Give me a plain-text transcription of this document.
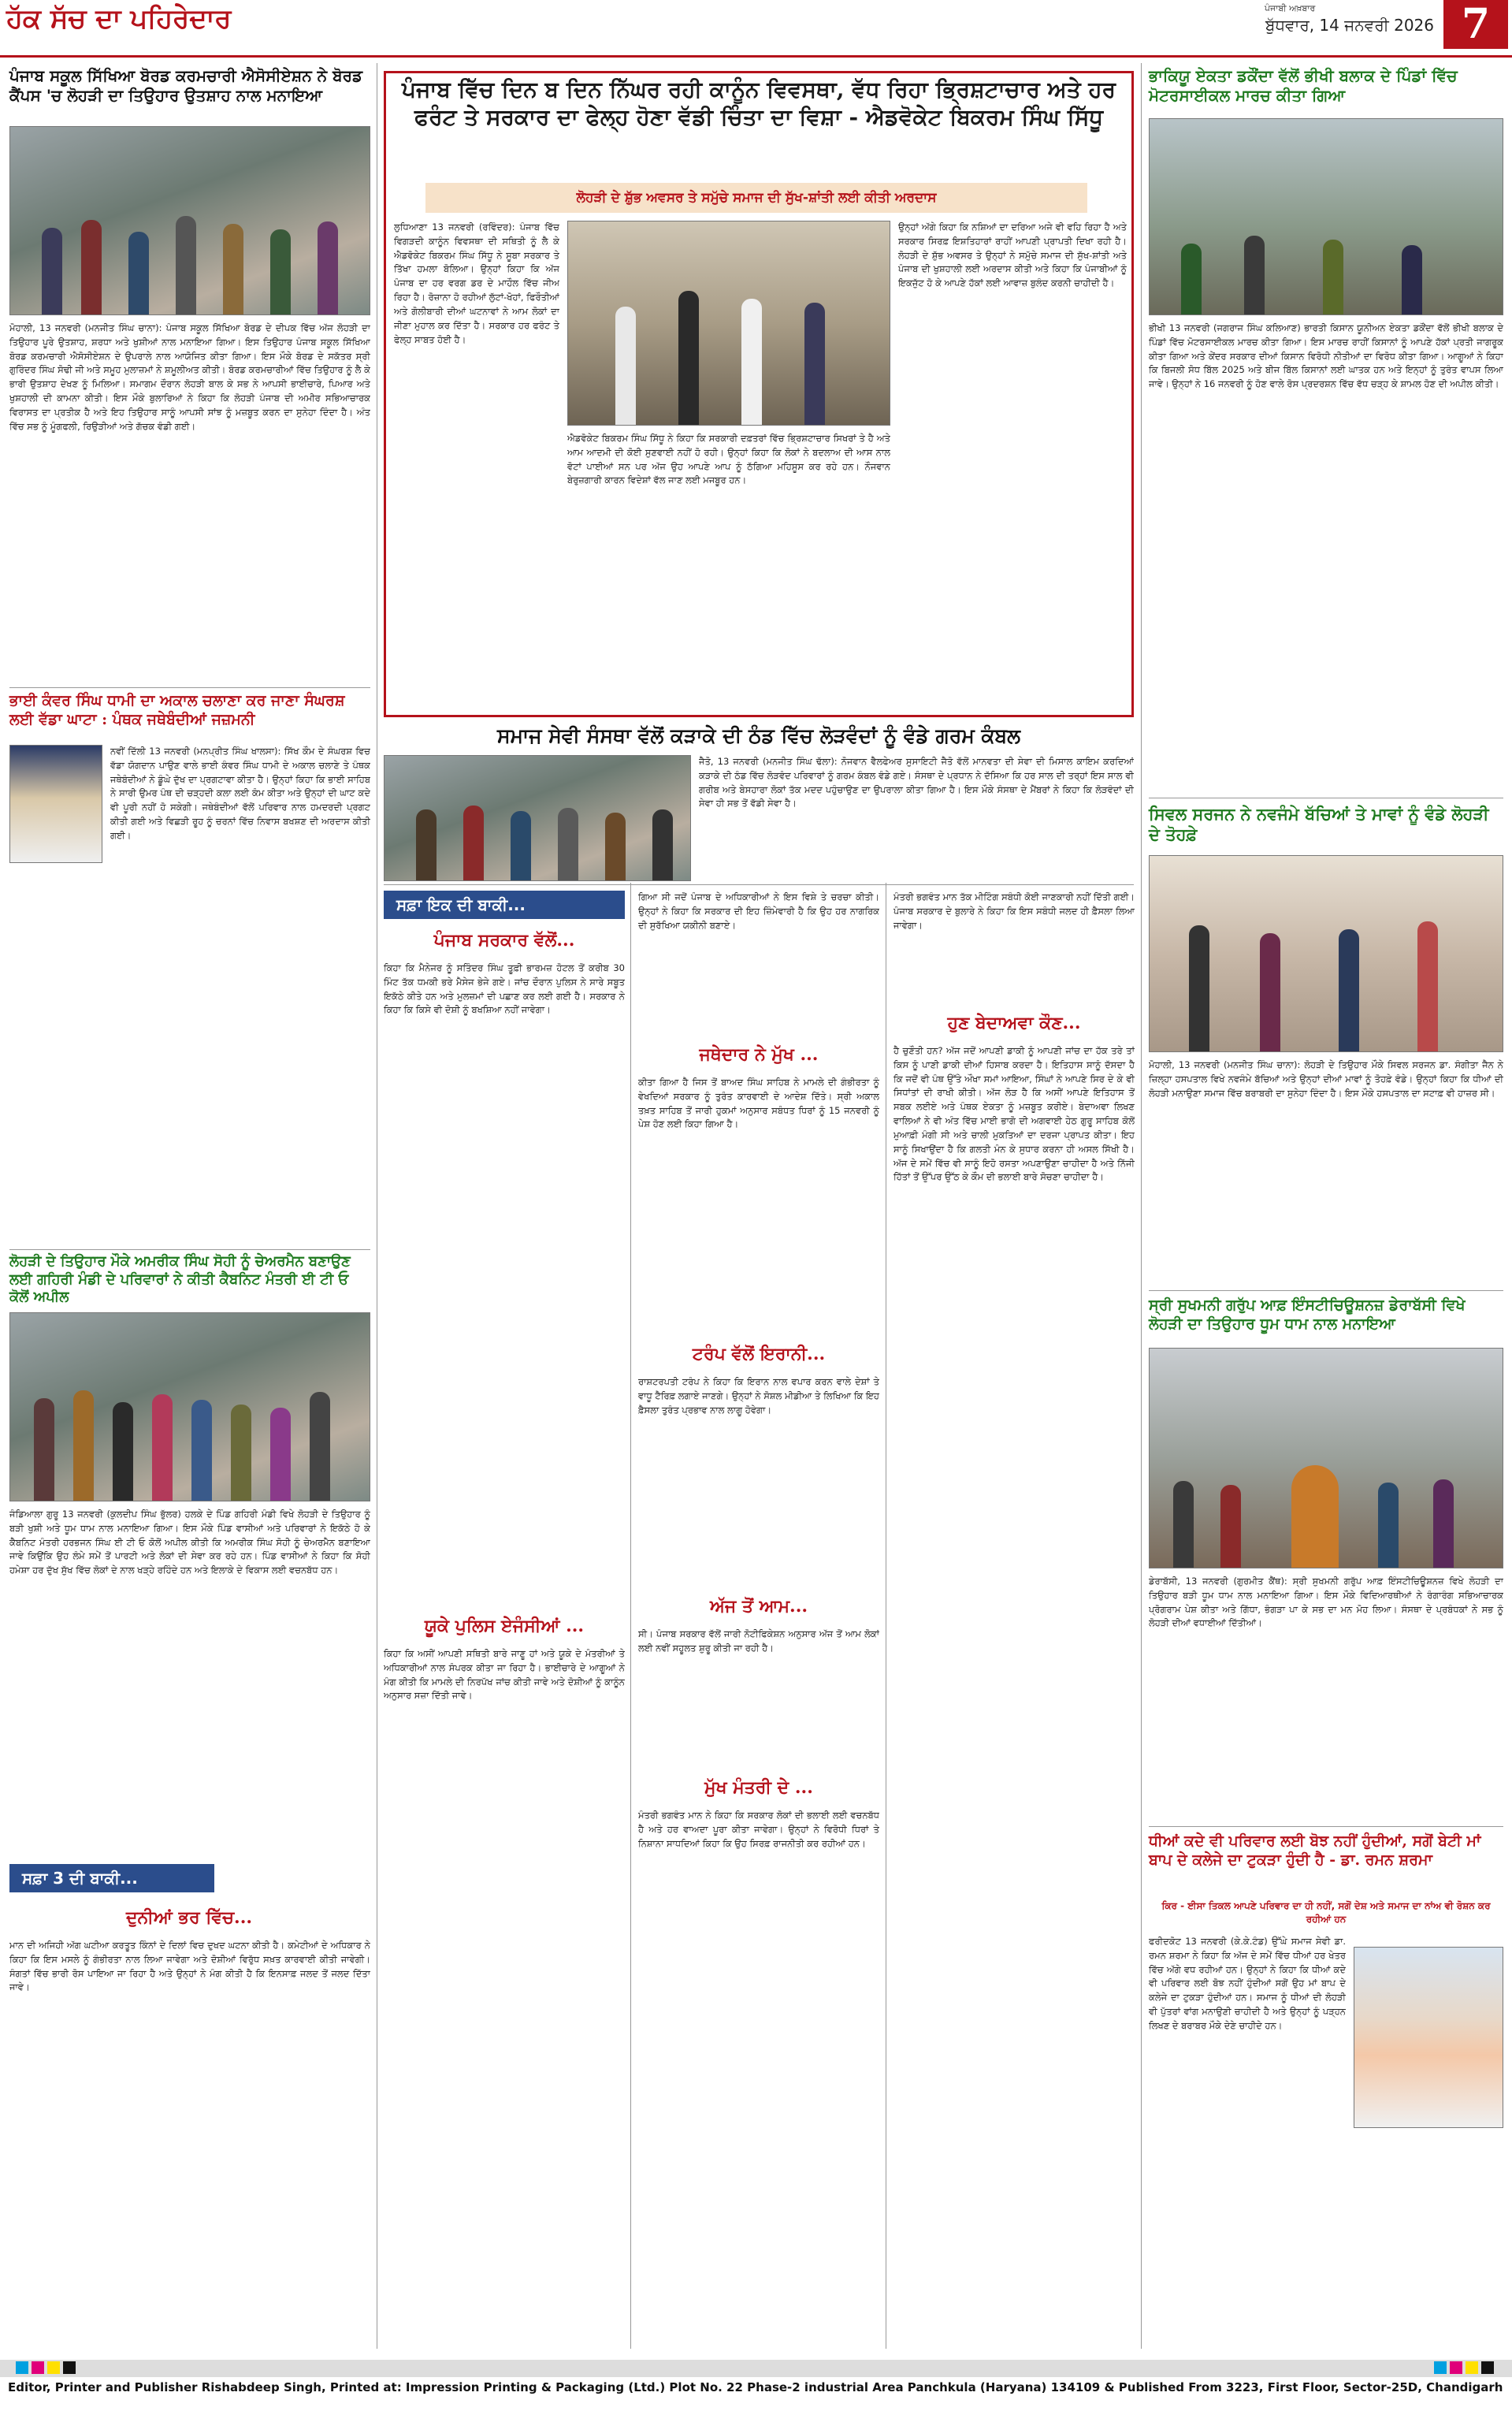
ਹੱਕ ਸੱਚ ਦਾ ਪਹਿਰੇਦਾਰ	ਪੰਜਾਬੀ ਅਖ਼ਬਾਰ
ਬੁੱਧਵਾਰ, 14 ਜਨਵਰੀ 2026 7
ਪੰਜਾਬ ਸਕੂਲ ਸਿੱਖਿਆ ਬੋਰਡ ਕਰਮਚਾਰੀ ਐਸੋਸੀਏਸ਼ਨ ਨੇ ਬੋਰਡ ਕੈਂਪਸ 'ਚ ਲੋਹੜੀ ਦਾ ਤਿਉਹਾਰ ਉਤਸ਼ਾਹ ਨਾਲ ਮਨਾਇਆ
ਮੋਹਾਲੀ, 13 ਜਨਵਰੀ (ਮਨਜੀਤ ਸਿੰਘ ਚਾਨਾ): ਪੰਜਾਬ ਸਕੂਲ ਸਿੱਖਿਆ ਬੋਰਡ ਦੇ ਦੀਪਕ ਵਿੱਚ ਅੱਜ ਲੋਹੜੀ ਦਾ ਤਿਉਹਾਰ ਪੂਰੇ ਉਤਸ਼ਾਹ, ਸ਼ਰਧਾ ਅਤੇ ਖੁਸ਼ੀਆਂ ਨਾਲ ਮਨਾਇਆ ਗਿਆ। ਇਸ ਤਿਉਹਾਰ ਪੰਜਾਬ ਸਕੂਲ ਸਿੱਖਿਆ ਬੋਰਡ ਕਰਮਚਾਰੀ ਐਸੋਸੀਏਸ਼ਨ ਦੇ ਉਪਰਾਲੇ ਨਾਲ ਆਯੋਜਿਤ ਕੀਤਾ ਗਿਆ। ਇਸ ਮੌਕੇ ਬੋਰਡ ਦੇ ਸਕੱਤਰ ਸ੍ਰੀ ਗੁਰਿੰਦਰ ਸਿੰਘ ਸੋਢੀ ਜੀ ਅਤੇ ਸਮੂਹ ਮੁਲਾਜ਼ਮਾਂ ਨੇ ਸ਼ਮੂਲੀਅਤ ਕੀਤੀ। ਬੋਰਡ ਕਰਮਚਾਰੀਆਂ ਵਿੱਚ ਤਿਉਹਾਰ ਨੂੰ ਲੈ ਕੇ ਭਾਰੀ ਉਤਸ਼ਾਹ ਦੇਖਣ ਨੂੰ ਮਿਲਿਆ। ਸਮਾਗਮ ਦੌਰਾਨ ਲੋਹੜੀ ਬਾਲ ਕੇ ਸਭ ਨੇ ਆਪਸੀ ਭਾਈਚਾਰੇ, ਪਿਆਰ ਅਤੇ ਖੁਸ਼ਹਾਲੀ ਦੀ ਕਾਮਨਾ ਕੀਤੀ। ਇਸ ਮੌਕੇ ਬੁਲਾਰਿਆਂ ਨੇ ਕਿਹਾ ਕਿ ਲੋਹੜੀ ਪੰਜਾਬ ਦੀ ਅਮੀਰ ਸਭਿਆਚਾਰਕ ਵਿਰਾਸਤ ਦਾ ਪ੍ਰਤੀਕ ਹੈ ਅਤੇ ਇਹ ਤਿਉਹਾਰ ਸਾਨੂੰ ਆਪਸੀ ਸਾਂਝ ਨੂੰ ਮਜ਼ਬੂਤ ਕਰਨ ਦਾ ਸੁਨੇਹਾ ਦਿੰਦਾ ਹੈ। ਅੰਤ ਵਿੱਚ ਸਭ ਨੂੰ ਮੂੰਗਫਲੀ, ਰਿਉੜੀਆਂ ਅਤੇ ਗੱਚਕ ਵੰਡੀ ਗਈ।
ਭਾਈ ਕੰਵਰ ਸਿੰਘ ਧਾਮੀ ਦਾ ਅਕਾਲ ਚਲਾਣਾ ਕਰ ਜਾਣਾ ਸੰਘਰਸ਼ ਲਈ ਵੱਡਾ ਘਾਟਾ : ਪੰਥਕ ਜਥੇਬੰਦੀਆਂ ਜਜ਼ਮਨੀ
ਨਵੀਂ ਦਿੱਲੀ 13 ਜਨਵਰੀ (ਮਨਪ੍ਰੀਤ ਸਿੰਘ ਖਾਲਸਾ): ਸਿੱਖ ਕੌਮ ਦੇ ਸੰਘਰਸ਼ ਵਿਚ ਵੱਡਾ ਯੋਗਦਾਨ ਪਾਉਣ ਵਾਲੇ ਭਾਈ ਕੰਵਰ ਸਿੰਘ ਧਾਮੀ ਦੇ ਅਕਾਲ ਚਲਾਣੇ ਤੇ ਪੰਥਕ ਜਥੇਬੰਦੀਆਂ ਨੇ ਡੂੰਘੇ ਦੁੱਖ ਦਾ ਪ੍ਰਗਟਾਵਾ ਕੀਤਾ ਹੈ। ਉਨ੍ਹਾਂ ਕਿਹਾ ਕਿ ਭਾਈ ਸਾਹਿਬ ਨੇ ਸਾਰੀ ਉਮਰ ਪੰਥ ਦੀ ਚੜ੍ਹਦੀ ਕਲਾ ਲਈ ਕੰਮ ਕੀਤਾ ਅਤੇ ਉਨ੍ਹਾਂ ਦੀ ਘਾਟ ਕਦੇ ਵੀ ਪੂਰੀ ਨਹੀਂ ਹੋ ਸਕੇਗੀ। ਜਥੇਬੰਦੀਆਂ ਵੱਲੋਂ ਪਰਿਵਾਰ ਨਾਲ ਹਮਦਰਦੀ ਪ੍ਰਗਟ ਕੀਤੀ ਗਈ ਅਤੇ ਵਿਛੜੀ ਰੂਹ ਨੂੰ ਚਰਨਾਂ ਵਿੱਚ ਨਿਵਾਸ ਬਖਸ਼ਣ ਦੀ ਅਰਦਾਸ ਕੀਤੀ ਗਈ।
ਲੋਹੜੀ ਦੇ ਤਿਉਹਾਰ ਮੌਕੇ ਅਮਰੀਕ ਸਿੰਘ ਸੋਹੀ ਨੂੰ ਚੇਅਰਮੈਨ ਬਣਾਉਣ ਲਈ ਗਹਿਰੀ ਮੰਡੀ ਦੇ ਪਰਿਵਾਰਾਂ ਨੇ ਕੀਤੀ ਕੈਬਨਿਟ ਮੰਤਰੀ ਈ ਟੀ ਓ ਕੋਲੋਂ ਅਪੀਲ
ਜੰਡਿਆਲਾ ਗੁਰੂ 13 ਜਨਵਰੀ (ਕੁਲਦੀਪ ਸਿੰਘ ਭੁੱਲਰ) ਹਲਕੇ ਦੇ ਪਿੰਡ ਗਹਿਰੀ ਮੰਡੀ ਵਿਖੇ ਲੋਹੜੀ ਦੇ ਤਿਉਹਾਰ ਨੂੰ ਬੜੀ ਖੁਸ਼ੀ ਅਤੇ ਧੂਮ ਧਾਮ ਨਾਲ ਮਨਾਇਆ ਗਿਆ। ਇਸ ਮੌਕੇ ਪਿੰਡ ਵਾਸੀਆਂ ਅਤੇ ਪਰਿਵਾਰਾਂ ਨੇ ਇਕੱਠੇ ਹੋ ਕੇ ਕੈਬਨਿਟ ਮੰਤਰੀ ਹਰਭਜਨ ਸਿੰਘ ਈ ਟੀ ਓ ਕੋਲੋਂ ਅਪੀਲ ਕੀਤੀ ਕਿ ਅਮਰੀਕ ਸਿੰਘ ਸੋਹੀ ਨੂੰ ਚੇਅਰਮੈਨ ਬਣਾਇਆ ਜਾਵੇ ਕਿਉਂਕਿ ਉਹ ਲੰਮੇ ਸਮੇਂ ਤੋਂ ਪਾਰਟੀ ਅਤੇ ਲੋਕਾਂ ਦੀ ਸੇਵਾ ਕਰ ਰਹੇ ਹਨ। ਪਿੰਡ ਵਾਸੀਆਂ ਨੇ ਕਿਹਾ ਕਿ ਸੋਹੀ ਹਮੇਸ਼ਾ ਹਰ ਦੁੱਖ ਸੁੱਖ ਵਿੱਚ ਲੋਕਾਂ ਦੇ ਨਾਲ ਖੜ੍ਹੇ ਰਹਿੰਦੇ ਹਨ ਅਤੇ ਇਲਾਕੇ ਦੇ ਵਿਕਾਸ ਲਈ ਵਚਨਬੱਧ ਹਨ।
ਸਫ਼ਾ 3 ਦੀ ਬਾਕੀ...
ਦੁਨੀਆਂ ਭਰ ਵਿੱਚ...
ਮਾਨ ਦੀ ਅਜਿਹੀ ਅੱਗ ਘਟੀਆ ਕਰਤੂਤ ਕਿੰਨਾਂ ਦੇ ਦਿਲਾਂ ਵਿਚ ਦੁਖਦ ਘਟਨਾ ਕੀਤੀ ਹੈ। ਕਮੇਟੀਆਂ ਦੇ ਅਧਿਕਾਰ ਨੇ ਕਿਹਾ ਕਿ ਇਸ ਮਸਲੇ ਨੂੰ ਗੰਭੀਰਤਾ ਨਾਲ ਲਿਆ ਜਾਵੇਗਾ ਅਤੇ ਦੋਸ਼ੀਆਂ ਵਿਰੁੱਧ ਸਖ਼ਤ ਕਾਰਵਾਈ ਕੀਤੀ ਜਾਵੇਗੀ। ਸੰਗਤਾਂ ਵਿੱਚ ਭਾਰੀ ਰੋਸ ਪਾਇਆ ਜਾ ਰਿਹਾ ਹੈ ਅਤੇ ਉਨ੍ਹਾਂ ਨੇ ਮੰਗ ਕੀਤੀ ਹੈ ਕਿ ਇਨਸਾਫ਼ ਜਲਦ ਤੋਂ ਜਲਦ ਦਿੱਤਾ ਜਾਵੇ।
ਪੰਜਾਬ ਵਿੱਚ ਦਿਨ ਬ ਦਿਨ ਨਿੱਘਰ ਰਹੀ ਕਾਨੂੰਨ ਵਿਵਸਥਾ, ਵੱਧ ਰਿਹਾ ਭ੍ਰਿਸ਼ਟਾਚਾਰ ਅਤੇ ਹਰ ਫਰੰਟ ਤੇ ਸਰਕਾਰ ਦਾ ਫੇਲ੍ਹ ਹੋਣਾ ਵੱਡੀ ਚਿੰਤਾ ਦਾ ਵਿਸ਼ਾ - ਐਡਵੋਕੇਟ ਬਿਕਰਮ ਸਿੰਘ ਸਿੱਧੂ
ਲੋਹੜੀ ਦੇ ਸ਼ੁੱਭ ਅਵਸਰ ਤੇ ਸਮੁੱਚੇ ਸਮਾਜ ਦੀ ਸੁੱਖ-ਸ਼ਾਂਤੀ ਲਈ ਕੀਤੀ ਅਰਦਾਸ
ਲੁਧਿਆਣਾ 13 ਜਨਵਰੀ (ਰਵਿੰਦਰ): ਪੰਜਾਬ ਵਿੱਚ ਵਿਗੜਦੀ ਕਾਨੂੰਨ ਵਿਵਸਥਾ ਦੀ ਸਥਿਤੀ ਨੂੰ ਲੈ ਕੇ ਐਡਵੋਕੇਟ ਬਿਕਰਮ ਸਿੰਘ ਸਿੱਧੂ ਨੇ ਸੂਬਾ ਸਰਕਾਰ ਤੇ ਤਿੱਖਾ ਹਮਲਾ ਬੋਲਿਆ। ਉਨ੍ਹਾਂ ਕਿਹਾ ਕਿ ਅੱਜ ਪੰਜਾਬ ਦਾ ਹਰ ਵਰਗ ਡਰ ਦੇ ਮਾਹੌਲ ਵਿੱਚ ਜੀਅ ਰਿਹਾ ਹੈ। ਰੋਜ਼ਾਨਾ ਹੋ ਰਹੀਆਂ ਲੁੱਟਾਂ-ਖੋਹਾਂ, ਫਿਰੌਤੀਆਂ ਅਤੇ ਗੋਲੀਬਾਰੀ ਦੀਆਂ ਘਟਨਾਵਾਂ ਨੇ ਆਮ ਲੋਕਾਂ ਦਾ ਜੀਣਾ ਮੁਹਾਲ ਕਰ ਦਿੱਤਾ ਹੈ। ਸਰਕਾਰ ਹਰ ਫਰੰਟ ਤੇ ਫੇਲ੍ਹ ਸਾਬਤ ਹੋਈ ਹੈ।
ਐਡਵੋਕੇਟ ਬਿਕਰਮ ਸਿੰਘ ਸਿੱਧੂ ਨੇ ਕਿਹਾ ਕਿ ਸਰਕਾਰੀ ਦਫ਼ਤਰਾਂ ਵਿੱਚ ਭ੍ਰਿਸ਼ਟਾਚਾਰ ਸਿਖਰਾਂ ਤੇ ਹੈ ਅਤੇ ਆਮ ਆਦਮੀ ਦੀ ਕੋਈ ਸੁਣਵਾਈ ਨਹੀਂ ਹੋ ਰਹੀ। ਉਨ੍ਹਾਂ ਕਿਹਾ ਕਿ ਲੋਕਾਂ ਨੇ ਬਦਲਾਅ ਦੀ ਆਸ ਨਾਲ ਵੋਟਾਂ ਪਾਈਆਂ ਸਨ ਪਰ ਅੱਜ ਉਹ ਆਪਣੇ ਆਪ ਨੂੰ ਠੱਗਿਆ ਮਹਿਸੂਸ ਕਰ ਰਹੇ ਹਨ। ਨੌਜਵਾਨ ਬੇਰੁਜ਼ਗਾਰੀ ਕਾਰਨ ਵਿਦੇਸ਼ਾਂ ਵੱਲ ਜਾਣ ਲਈ ਮਜਬੂਰ ਹਨ।
ਉਨ੍ਹਾਂ ਅੱਗੇ ਕਿਹਾ ਕਿ ਨਸ਼ਿਆਂ ਦਾ ਦਰਿਆ ਅਜੇ ਵੀ ਵਹਿ ਰਿਹਾ ਹੈ ਅਤੇ ਸਰਕਾਰ ਸਿਰਫ਼ ਇਸ਼ਤਿਹਾਰਾਂ ਰਾਹੀਂ ਆਪਣੀ ਪ੍ਰਾਪਤੀ ਦਿਖਾ ਰਹੀ ਹੈ। ਲੋਹੜੀ ਦੇ ਸ਼ੁੱਭ ਅਵਸਰ ਤੇ ਉਨ੍ਹਾਂ ਨੇ ਸਮੁੱਚੇ ਸਮਾਜ ਦੀ ਸੁੱਖ-ਸ਼ਾਂਤੀ ਅਤੇ ਪੰਜਾਬ ਦੀ ਖੁਸ਼ਹਾਲੀ ਲਈ ਅਰਦਾਸ ਕੀਤੀ ਅਤੇ ਕਿਹਾ ਕਿ ਪੰਜਾਬੀਆਂ ਨੂੰ ਇਕਜੁੱਟ ਹੋ ਕੇ ਆਪਣੇ ਹੱਕਾਂ ਲਈ ਆਵਾਜ਼ ਬੁਲੰਦ ਕਰਨੀ ਚਾਹੀਦੀ ਹੈ।
ਸਮਾਜ ਸੇਵੀ ਸੰਸਥਾ ਵੱਲੋਂ ਕੜਾਕੇ ਦੀ ਠੰਡ ਵਿੱਚ ਲੋੜਵੰਦਾਂ ਨੂੰ ਵੰਡੇ ਗਰਮ ਕੰਬਲ
ਜੈਤੋ, 13 ਜਨਵਰੀ (ਮਨਜੀਤ ਸਿੰਘ ਢੱਲਾ): ਨੋਜਵਾਨ ਵੈਲਫੇਅਰ ਸੁਸਾਇਟੀ ਜੈਤੋ ਵੱਲੋਂ ਮਾਨਵਤਾ ਦੀ ਸੇਵਾ ਦੀ ਮਿਸਾਲ ਕਾਇਮ ਕਰਦਿਆਂ ਕੜਾਕੇ ਦੀ ਠੰਡ ਵਿੱਚ ਲੋੜਵੰਦ ਪਰਿਵਾਰਾਂ ਨੂੰ ਗਰਮ ਕੰਬਲ ਵੰਡੇ ਗਏ। ਸੰਸਥਾ ਦੇ ਪ੍ਰਧਾਨ ਨੇ ਦੱਸਿਆ ਕਿ ਹਰ ਸਾਲ ਦੀ ਤਰ੍ਹਾਂ ਇਸ ਸਾਲ ਵੀ ਗਰੀਬ ਅਤੇ ਬੇਸਹਾਰਾ ਲੋਕਾਂ ਤੱਕ ਮਦਦ ਪਹੁੰਚਾਉਣ ਦਾ ਉਪਰਾਲਾ ਕੀਤਾ ਗਿਆ ਹੈ। ਇਸ ਮੌਕੇ ਸੰਸਥਾ ਦੇ ਮੈਂਬਰਾਂ ਨੇ ਕਿਹਾ ਕਿ ਲੋੜਵੰਦਾਂ ਦੀ ਸੇਵਾ ਹੀ ਸਭ ਤੋਂ ਵੱਡੀ ਸੇਵਾ ਹੈ।
ਸਫ਼ਾ ਇਕ ਦੀ ਬਾਕੀ...
ਪੰਜਾਬ ਸਰਕਾਰ ਵੱਲੋਂ...
ਕਿਹਾ ਕਿ ਮੈਨੇਜਰ ਨੂੰ ਸਤਿੰਦਰ ਸਿੰਘ ਤੂਫ਼ੀ ਭਾਰਮਜ਼ ਹੋਟਲ ਤੋਂ ਕਰੀਬ 30 ਮਿੰਟ ਤੱਕ ਧਮਕੀ ਭਰੇ ਮੈਸੇਜ ਭੇਜੇ ਗਏ। ਜਾਂਚ ਦੌਰਾਨ ਪੁਲਿਸ ਨੇ ਸਾਰੇ ਸਬੂਤ ਇਕੱਠੇ ਕੀਤੇ ਹਨ ਅਤੇ ਮੁਲਜ਼ਮਾਂ ਦੀ ਪਛਾਣ ਕਰ ਲਈ ਗਈ ਹੈ। ਸਰਕਾਰ ਨੇ ਕਿਹਾ ਕਿ ਕਿਸੇ ਵੀ ਦੋਸ਼ੀ ਨੂੰ ਬਖਸ਼ਿਆ ਨਹੀਂ ਜਾਵੇਗਾ।
ਯੂਕੇ ਪੁਲਿਸ ਏਜੰਸੀਆਂ ...
ਕਿਹਾ ਕਿ ਅਸੀਂ ਆਪਣੀ ਸਥਿਤੀ ਬਾਰੇ ਜਾਣੂ ਹਾਂ ਅਤੇ ਯੂਕੇ ਦੇ ਮੰਤਰੀਆਂ ਤੇ ਅਧਿਕਾਰੀਆਂ ਨਾਲ ਸੰਪਰਕ ਕੀਤਾ ਜਾ ਰਿਹਾ ਹੈ। ਭਾਈਚਾਰੇ ਦੇ ਆਗੂਆਂ ਨੇ ਮੰਗ ਕੀਤੀ ਕਿ ਮਾਮਲੇ ਦੀ ਨਿਰਪੱਖ ਜਾਂਚ ਕੀਤੀ ਜਾਵੇ ਅਤੇ ਦੋਸ਼ੀਆਂ ਨੂੰ ਕਾਨੂੰਨ ਅਨੁਸਾਰ ਸਜ਼ਾ ਦਿੱਤੀ ਜਾਵੇ।
ਗਿਆ ਸੀ ਜਦੋਂ ਪੰਜਾਬ ਦੇ ਅਧਿਕਾਰੀਆਂ ਨੇ ਇਸ ਵਿਸ਼ੇ ਤੇ ਚਰਚਾ ਕੀਤੀ। ਉਨ੍ਹਾਂ ਨੇ ਕਿਹਾ ਕਿ ਸਰਕਾਰ ਦੀ ਇਹ ਜ਼ਿੰਮੇਵਾਰੀ ਹੈ ਕਿ ਉਹ ਹਰ ਨਾਗਰਿਕ ਦੀ ਸੁਰੱਖਿਆ ਯਕੀਨੀ ਬਣਾਏ।
ਜਥੇਦਾਰ ਨੇ ਮੁੱਖ ...
ਕੀਤਾ ਗਿਆ ਹੈ ਜਿਸ ਤੋਂ ਬਾਅਦ ਸਿੰਘ ਸਾਹਿਬ ਨੇ ਮਾਮਲੇ ਦੀ ਗੰਭੀਰਤਾ ਨੂੰ ਵੇਖਦਿਆਂ ਸਰਕਾਰ ਨੂੰ ਤੁਰੰਤ ਕਾਰਵਾਈ ਦੇ ਆਦੇਸ਼ ਦਿੱਤੇ। ਸ੍ਰੀ ਅਕਾਲ ਤਖ਼ਤ ਸਾਹਿਬ ਤੋਂ ਜਾਰੀ ਹੁਕਮਾਂ ਅਨੁਸਾਰ ਸਬੰਧਤ ਧਿਰਾਂ ਨੂੰ 15 ਜਨਵਰੀ ਨੂੰ ਪੇਸ਼ ਹੋਣ ਲਈ ਕਿਹਾ ਗਿਆ ਹੈ।
ਟਰੰਪ ਵੱਲੋਂ ਇਰਾਨੀ...
ਰਾਸ਼ਟਰਪਤੀ ਟਰੰਪ ਨੇ ਕਿਹਾ ਕਿ ਇਰਾਨ ਨਾਲ ਵਪਾਰ ਕਰਨ ਵਾਲੇ ਦੇਸ਼ਾਂ ਤੇ ਵਾਧੂ ਟੈਰਿਫ਼ ਲਗਾਏ ਜਾਣਗੇ। ਉਨ੍ਹਾਂ ਨੇ ਸੋਸ਼ਲ ਮੀਡੀਆ ਤੇ ਲਿਖਿਆ ਕਿ ਇਹ ਫ਼ੈਸਲਾ ਤੁਰੰਤ ਪ੍ਰਭਾਵ ਨਾਲ ਲਾਗੂ ਹੋਵੇਗਾ।
ਅੱਜ ਤੋਂ ਆਮ...
ਸੀ। ਪੰਜਾਬ ਸਰਕਾਰ ਵੱਲੋਂ ਜਾਰੀ ਨੋਟੀਫਿਕੇਸ਼ਨ ਅਨੁਸਾਰ ਅੱਜ ਤੋਂ ਆਮ ਲੋਕਾਂ ਲਈ ਨਵੀਂ ਸਹੂਲਤ ਸ਼ੁਰੂ ਕੀਤੀ ਜਾ ਰਹੀ ਹੈ।
ਮੁੱਖ ਮੰਤਰੀ ਦੇ ...
ਮੰਤਰੀ ਭਗਵੰਤ ਮਾਨ ਨੇ ਕਿਹਾ ਕਿ ਸਰਕਾਰ ਲੋਕਾਂ ਦੀ ਭਲਾਈ ਲਈ ਵਚਨਬੱਧ ਹੈ ਅਤੇ ਹਰ ਵਾਅਦਾ ਪੂਰਾ ਕੀਤਾ ਜਾਵੇਗਾ। ਉਨ੍ਹਾਂ ਨੇ ਵਿਰੋਧੀ ਧਿਰਾਂ ਤੇ ਨਿਸ਼ਾਨਾ ਸਾਧਦਿਆਂ ਕਿਹਾ ਕਿ ਉਹ ਸਿਰਫ਼ ਰਾਜਨੀਤੀ ਕਰ ਰਹੀਆਂ ਹਨ।
ਮੰਤਰੀ ਭਗਵੰਤ ਮਾਨ ਤੱਕ ਮੀਟਿੰਗ ਸਬੰਧੀ ਕੋਈ ਜਾਣਕਾਰੀ ਨਹੀਂ ਦਿੱਤੀ ਗਈ। ਪੰਜਾਬ ਸਰਕਾਰ ਦੇ ਬੁਲਾਰੇ ਨੇ ਕਿਹਾ ਕਿ ਇਸ ਸਬੰਧੀ ਜਲਦ ਹੀ ਫ਼ੈਸਲਾ ਲਿਆ ਜਾਵੇਗਾ।
ਹੁਣ ਬੇਦਾਅਵਾ ਕੌਣ...
ਹੈ ਚੁਣੌਤੀ ਹਨ? ਅੱਜ ਜਦੋਂ ਆਪਣੀ ਡਾਕੀ ਨੂੰ ਆਪਣੀ ਜਾਂਚ ਦਾ ਹੱਕ ਤਰੇ ਤਾਂ ਕਿਸ ਨੂੰ ਪਾਣੀ ਡਾਕੀ ਦੀਆਂ ਹਿਸਾਬ ਕਰਦਾ ਹੈ। ਇਤਿਹਾਸ ਸਾਨੂੰ ਦੱਸਦਾ ਹੈ ਕਿ ਜਦੋਂ ਵੀ ਪੰਥ ਉੱਤੇ ਔਖਾ ਸਮਾਂ ਆਇਆ, ਸਿੰਘਾਂ ਨੇ ਆਪਣੇ ਸਿਰ ਦੇ ਕੇ ਵੀ ਸਿਧਾਂਤਾਂ ਦੀ ਰਾਖੀ ਕੀਤੀ। ਅੱਜ ਲੋੜ ਹੈ ਕਿ ਅਸੀਂ ਆਪਣੇ ਇਤਿਹਾਸ ਤੋਂ ਸਬਕ ਲਈਏ ਅਤੇ ਪੰਥਕ ਏਕਤਾ ਨੂੰ ਮਜ਼ਬੂਤ ਕਰੀਏ। ਬੇਦਾਅਵਾ ਲਿਖਣ ਵਾਲਿਆਂ ਨੇ ਵੀ ਅੰਤ ਵਿੱਚ ਮਾਈ ਭਾਗੋ ਦੀ ਅਗਵਾਈ ਹੇਠ ਗੁਰੂ ਸਾਹਿਬ ਕੋਲੋਂ ਮੁਆਫ਼ੀ ਮੰਗੀ ਸੀ ਅਤੇ ਚਾਲੀ ਮੁਕਤਿਆਂ ਦਾ ਦਰਜਾ ਪ੍ਰਾਪਤ ਕੀਤਾ। ਇਹ ਸਾਨੂੰ ਸਿਖਾਉਂਦਾ ਹੈ ਕਿ ਗਲਤੀ ਮੰਨ ਕੇ ਸੁਧਾਰ ਕਰਨਾ ਹੀ ਅਸਲ ਸਿੱਖੀ ਹੈ। ਅੱਜ ਦੇ ਸਮੇਂ ਵਿੱਚ ਵੀ ਸਾਨੂੰ ਇਹੋ ਰਸਤਾ ਅਪਣਾਉਣਾ ਚਾਹੀਦਾ ਹੈ ਅਤੇ ਨਿੱਜੀ ਹਿੱਤਾਂ ਤੋਂ ਉੱਪਰ ਉੱਠ ਕੇ ਕੌਮ ਦੀ ਭਲਾਈ ਬਾਰੇ ਸੋਚਣਾ ਚਾਹੀਦਾ ਹੈ।
ਭਾਕਿਯੂ ਏਕਤਾ ਡਕੌਂਦਾ ਵੱਲੋਂ ਭੀਖੀ ਬਲਾਕ ਦੇ ਪਿੰਡਾਂ ਵਿੱਚ ਮੋਟਰਸਾਈਕਲ ਮਾਰਚ ਕੀਤਾ ਗਿਆ
ਭੀਖੀ 13 ਜਨਵਰੀ (ਜਗਰਾਜ ਸਿੰਘ ਕਲਿਆਣ) ਭਾਰਤੀ ਕਿਸਾਨ ਯੂਨੀਅਨ ਏਕਤਾ ਡਕੌਂਦਾ ਵੱਲੋਂ ਭੀਖੀ ਬਲਾਕ ਦੇ ਪਿੰਡਾਂ ਵਿੱਚ ਮੋਟਰਸਾਈਕਲ ਮਾਰਚ ਕੀਤਾ ਗਿਆ। ਇਸ ਮਾਰਚ ਰਾਹੀਂ ਕਿਸਾਨਾਂ ਨੂੰ ਆਪਣੇ ਹੱਕਾਂ ਪ੍ਰਤੀ ਜਾਗਰੂਕ ਕੀਤਾ ਗਿਆ ਅਤੇ ਕੇਂਦਰ ਸਰਕਾਰ ਦੀਆਂ ਕਿਸਾਨ ਵਿਰੋਧੀ ਨੀਤੀਆਂ ਦਾ ਵਿਰੋਧ ਕੀਤਾ ਗਿਆ। ਆਗੂਆਂ ਨੇ ਕਿਹਾ ਕਿ ਬਿਜਲੀ ਸੋਧ ਬਿੱਲ 2025 ਅਤੇ ਬੀਜ ਬਿੱਲ ਕਿਸਾਨਾਂ ਲਈ ਘਾਤਕ ਹਨ ਅਤੇ ਇਨ੍ਹਾਂ ਨੂੰ ਤੁਰੰਤ ਵਾਪਸ ਲਿਆ ਜਾਵੇ। ਉਨ੍ਹਾਂ ਨੇ 16 ਜਨਵਰੀ ਨੂੰ ਹੋਣ ਵਾਲੇ ਰੋਸ ਪ੍ਰਦਰਸ਼ਨ ਵਿੱਚ ਵੱਧ ਚੜ੍ਹ ਕੇ ਸ਼ਾਮਲ ਹੋਣ ਦੀ ਅਪੀਲ ਕੀਤੀ।
ਸਿਵਲ ਸਰਜਨ ਨੇ ਨਵਜੰਮੇ ਬੱਚਿਆਂ ਤੇ ਮਾਵਾਂ ਨੂੰ ਵੰਡੇ ਲੋਹੜੀ ਦੇ ਤੋਹਫ਼ੇ
ਮੋਹਾਲੀ, 13 ਜਨਵਰੀ (ਮਨਜੀਤ ਸਿੰਘ ਚਾਨਾ): ਲੋਹੜੀ ਦੇ ਤਿਉਹਾਰ ਮੌਕੇ ਸਿਵਲ ਸਰਜਨ ਡਾ. ਸੰਗੀਤਾ ਜੈਨ ਨੇ ਜ਼ਿਲ੍ਹਾ ਹਸਪਤਾਲ ਵਿਖੇ ਨਵਜੰਮੇ ਬੱਚਿਆਂ ਅਤੇ ਉਨ੍ਹਾਂ ਦੀਆਂ ਮਾਵਾਂ ਨੂੰ ਤੋਹਫ਼ੇ ਵੰਡੇ। ਉਨ੍ਹਾਂ ਕਿਹਾ ਕਿ ਧੀਆਂ ਦੀ ਲੋਹੜੀ ਮਨਾਉਣਾ ਸਮਾਜ ਵਿੱਚ ਬਰਾਬਰੀ ਦਾ ਸੁਨੇਹਾ ਦਿੰਦਾ ਹੈ। ਇਸ ਮੌਕੇ ਹਸਪਤਾਲ ਦਾ ਸਟਾਫ਼ ਵੀ ਹਾਜ਼ਰ ਸੀ।
ਸ੍ਰੀ ਸੁਖਮਨੀ ਗਰੁੱਪ ਆਫ਼ ਇੰਸਟੀਚਿਊਸ਼ਨਜ਼ ਡੇਰਾਬੱਸੀ ਵਿਖੇ ਲੋਹੜੀ ਦਾ ਤਿਉਹਾਰ ਧੂਮ ਧਾਮ ਨਾਲ ਮਨਾਇਆ
ਡੇਰਾਬੱਸੀ, 13 ਜਨਵਰੀ (ਗੁਰਮੀਤ ਕੈਂਥ): ਸ੍ਰੀ ਸੁਖਮਨੀ ਗਰੁੱਪ ਆਫ਼ ਇੰਸਟੀਚਿਊਸ਼ਨਜ਼ ਵਿਖੇ ਲੋਹੜੀ ਦਾ ਤਿਉਹਾਰ ਬੜੀ ਧੂਮ ਧਾਮ ਨਾਲ ਮਨਾਇਆ ਗਿਆ। ਇਸ ਮੌਕੇ ਵਿਦਿਆਰਥੀਆਂ ਨੇ ਰੰਗਾਰੰਗ ਸਭਿਆਚਾਰਕ ਪ੍ਰੋਗਰਾਮ ਪੇਸ਼ ਕੀਤਾ ਅਤੇ ਗਿੱਧਾ, ਭੰਗੜਾ ਪਾ ਕੇ ਸਭ ਦਾ ਮਨ ਮੋਹ ਲਿਆ। ਸੰਸਥਾ ਦੇ ਪ੍ਰਬੰਧਕਾਂ ਨੇ ਸਭ ਨੂੰ ਲੋਹੜੀ ਦੀਆਂ ਵਧਾਈਆਂ ਦਿੱਤੀਆਂ।
ਧੀਆਂ ਕਦੇ ਵੀ ਪਰਿਵਾਰ ਲਈ ਬੋਝ ਨਹੀਂ ਹੁੰਦੀਆਂ, ਸਗੋਂ ਬੇਟੀ ਮਾਂ ਬਾਪ ਦੇ ਕਲੇਜੇ ਦਾ ਟੁਕੜਾ ਹੁੰਦੀ ਹੈ - ਡਾ. ਰਮਨ ਸ਼ਰਮਾ
ਕਿਰ - ਈਸਾ ਤਿਕਲ ਆਪਣੇ ਪਰਿਵਾਰ ਦਾ ਹੀ ਨਹੀਂ, ਸਗੋਂ ਦੇਸ਼ ਅਤੇ ਸਮਾਜ ਦਾ ਨਾਂਅ ਵੀ ਰੋਸ਼ਨ ਕਰ ਰਹੀਆਂ ਹਨ
ਫਰੀਦਕੋਟ 13 ਜਨਵਰੀ (ਕੇ.ਕੇ.ਟੰਡ) ਉੱਘੇ ਸਮਾਜ ਸੇਵੀ ਡਾ. ਰਮਨ ਸ਼ਰਮਾ ਨੇ ਕਿਹਾ ਕਿ ਅੱਜ ਦੇ ਸਮੇਂ ਵਿੱਚ ਧੀਆਂ ਹਰ ਖੇਤਰ ਵਿੱਚ ਅੱਗੇ ਵਧ ਰਹੀਆਂ ਹਨ। ਉਨ੍ਹਾਂ ਨੇ ਕਿਹਾ ਕਿ ਧੀਆਂ ਕਦੇ ਵੀ ਪਰਿਵਾਰ ਲਈ ਬੋਝ ਨਹੀਂ ਹੁੰਦੀਆਂ ਸਗੋਂ ਉਹ ਮਾਂ ਬਾਪ ਦੇ ਕਲੇਜੇ ਦਾ ਟੁਕੜਾ ਹੁੰਦੀਆਂ ਹਨ। ਸਮਾਜ ਨੂੰ ਧੀਆਂ ਦੀ ਲੋਹੜੀ ਵੀ ਪੁੱਤਰਾਂ ਵਾਂਗ ਮਨਾਉਣੀ ਚਾਹੀਦੀ ਹੈ ਅਤੇ ਉਨ੍ਹਾਂ ਨੂੰ ਪੜ੍ਹਨ ਲਿਖਣ ਦੇ ਬਰਾਬਰ ਮੌਕੇ ਦੇਣੇ ਚਾਹੀਦੇ ਹਨ।
Editor, Printer and Publisher Rishabdeep Singh, Printed at: Impression Printing & Packaging (Ltd.) Plot No. 22 Phase-2 industrial Area Panchkula (Haryana) 134109 & Published From 3223, First Floor, Sector-25D, Chandigarh
